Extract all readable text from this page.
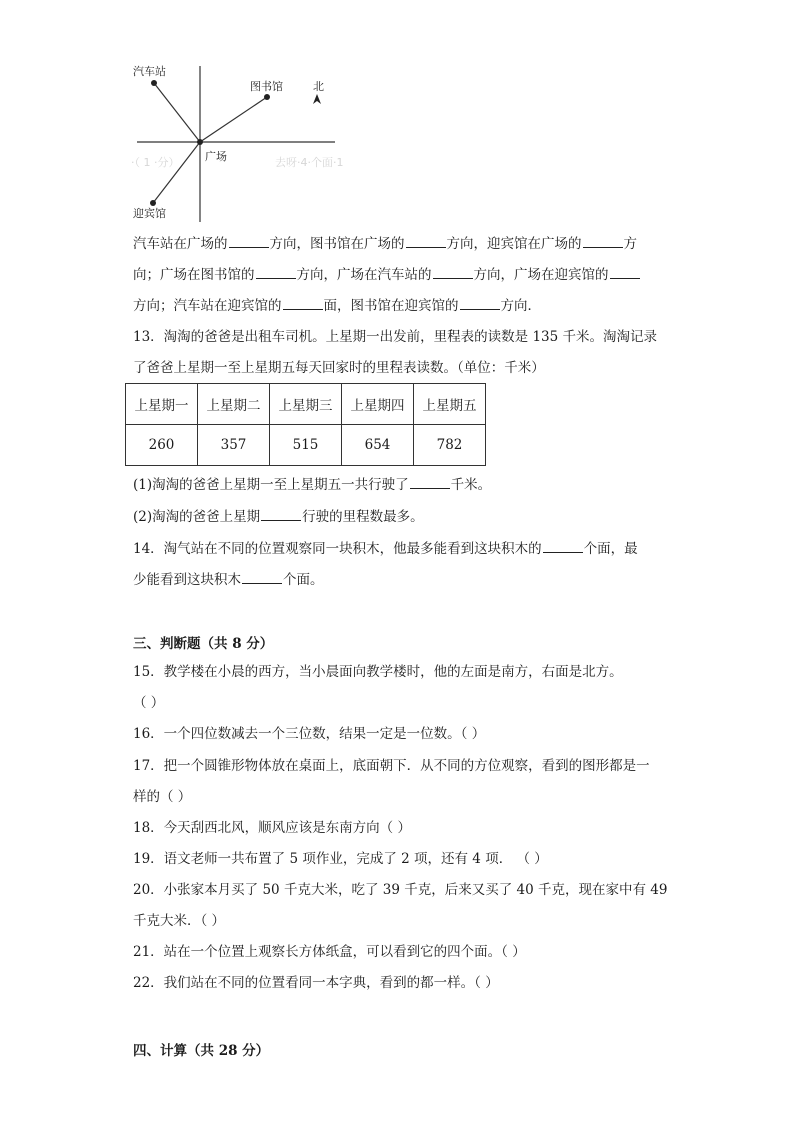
·（ 1 ·分）	去呀·4·个面·1
汽车站
图书馆	北
广场
迎宾馆
汽车站在广场的	方向，图书馆在广场的	方向，迎宾馆在广场的	方
向；广场在图书馆的	方向，广场在汽车站的	方向，广场在迎宾馆的
方向；汽车站在迎宾馆的	面，图书馆在迎宾馆的	方向．
13．淘淘的爸爸是出租车司机。上星期一出发前，里程表的读数是 135 千米。淘淘记录
了爸爸上星期一至上星期五每天回家时的里程表读数。（单位：千米）
上星期一	上星期二	上星期三	上星期四	上星期五
260	357	515	654	782
(1)淘淘的爸爸上星期一至上星期五一共行驶了	千米。
(2)淘淘的爸爸上星期	行驶的里程数最多。
14．淘气站在不同的位置观察同一块积木，他最多能看到这块积木的	个面，最
少能看到这块积木	个面。
三、判断题（共 8 分）
15．教学楼在小晨的西方，当小晨面向教学楼时，他的左面是南方，右面是北方。
（ ）
16．一个四位数减去一个三位数，结果一定是一位数。（ ）
17．把一个圆锥形物体放在桌面上，底面朝下．从不同的方位观察，看到的图形都是一
样的（ ）
18．今天刮西北风，顺风应该是东南方向（ ）
19．语文老师一共布置了 5 项作业，完成了 2 项，还有 4 项． （ ）
20．小张家本月买了 50 千克大米，吃了 39 千克，后来又买了 40 千克，现在家中有 49
千克大米．（ ）
21．站在一个位置上观察长方体纸盒，可以看到它的四个面。（ ）
22．我们站在不同的位置看同一本字典，看到的都一样。（ ）
四、计算（共 28 分）
